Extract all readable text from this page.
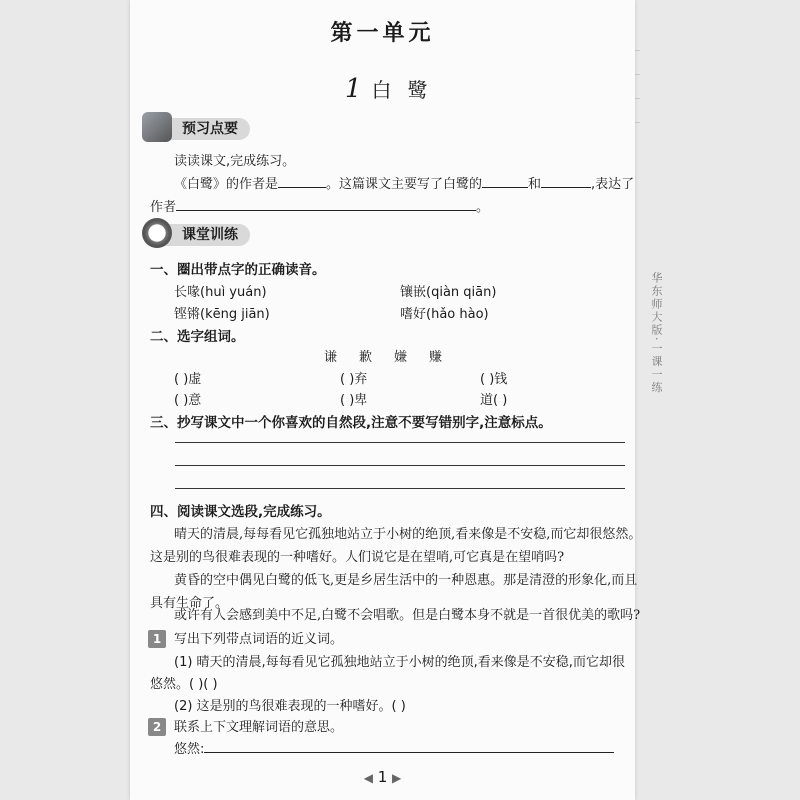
第一单元
1 白鹭
预习点要
读读课文,完成练习。
《白鹭》的作者是	。这篇课文主要写了白鹭的	和	,表达了
作者	。
课堂训练
一、圈出带点字的正确读音。
长喙(huì yuán)	镶嵌(qiàn qiān)
铿锵(kēng jiān)	嗜好(hǎo hào)
二、选字组词。
谦 歉 嫌 赚
( )虚	( )弃	( )钱
( )意	( )卑	道( )
三、抄写课文中一个你喜欢的自然段,注意不要写错别字,注意标点。
四、阅读课文选段,完成练习。
晴天的清晨,每每看见它孤独地站立于小树的绝顶,看来像是不安稳,而它却很悠然。
这是别的鸟很难表现的一种嗜好。人们说它是在望哨,可它真是在望哨吗?
黄昏的空中偶见白鹭的低飞,更是乡居生活中的一种恩惠。那是清澄的形象化,而且
具有生命了。
或许有人会感到美中不足,白鹭不会唱歌。但是白鹭本身不就是一首很优美的歌吗?
1 写出下列带点词语的近义词。
(1) 晴天的清晨,每每看见它孤独地站立于小树的绝顶,看来像是不安稳,而它却很
悠然。( )( )
(2) 这是别的鸟很难表现的一种嗜好。( )
2 联系上下文理解词语的意思。
悠然:
◀ 1 ▶
华东师大版·一课一练
